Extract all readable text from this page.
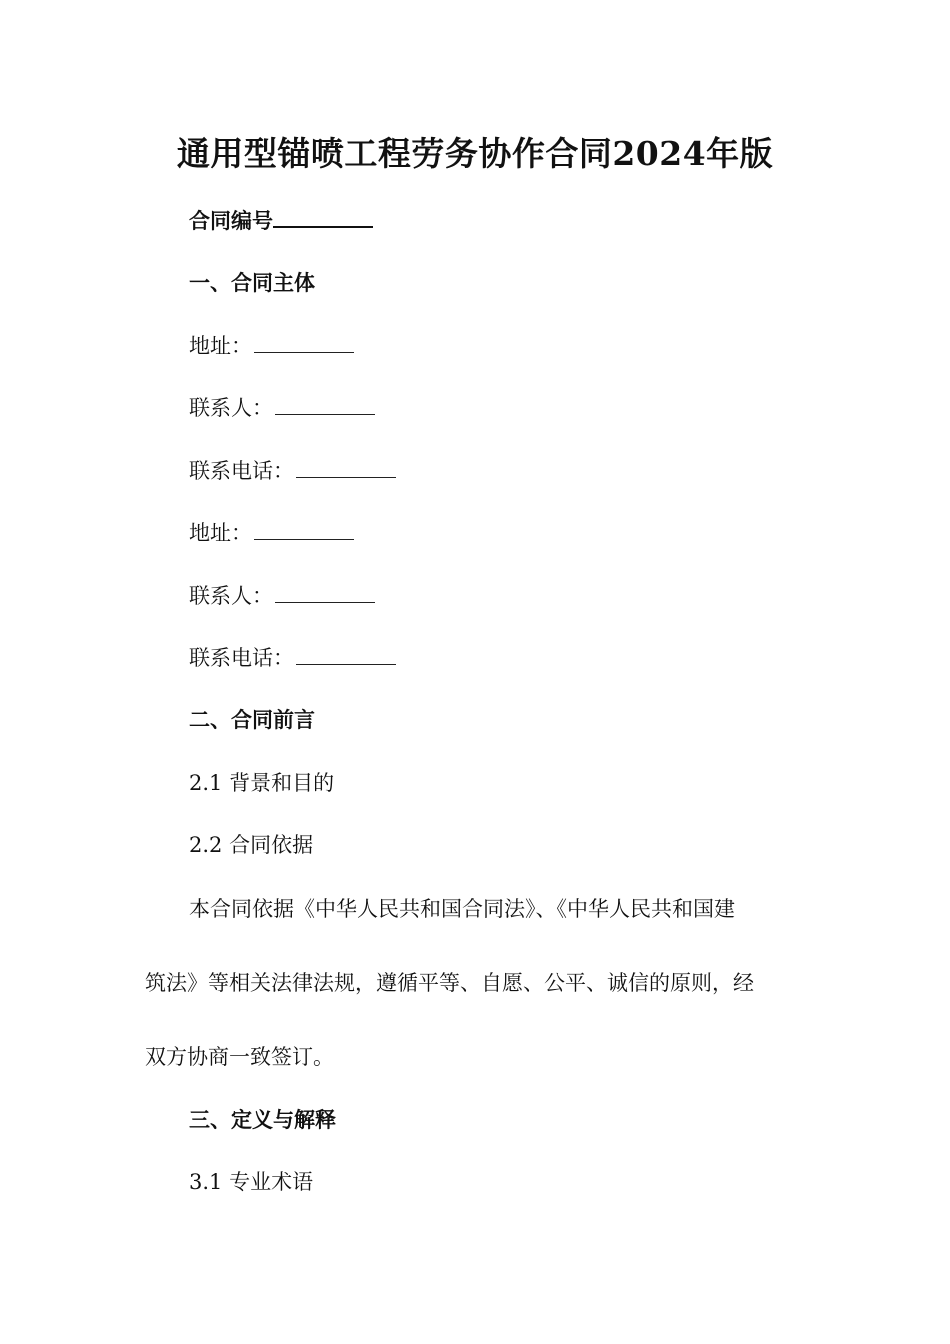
通用型锚喷工程劳务协作合同2024年版
合同编号
一、合同主体
地址：
联系人：
联系电话：
地址：
联系人：
联系电话：
二、合同前言
2.1 背景和目的
2.2 合同依据
本合同依据《中华人民共和国合同法》、《中华人民共和国建
筑法》等相关法律法规，遵循平等、自愿、公平、诚信的原则，经
双方协商一致签订。
三、定义与解释
3.1 专业术语
